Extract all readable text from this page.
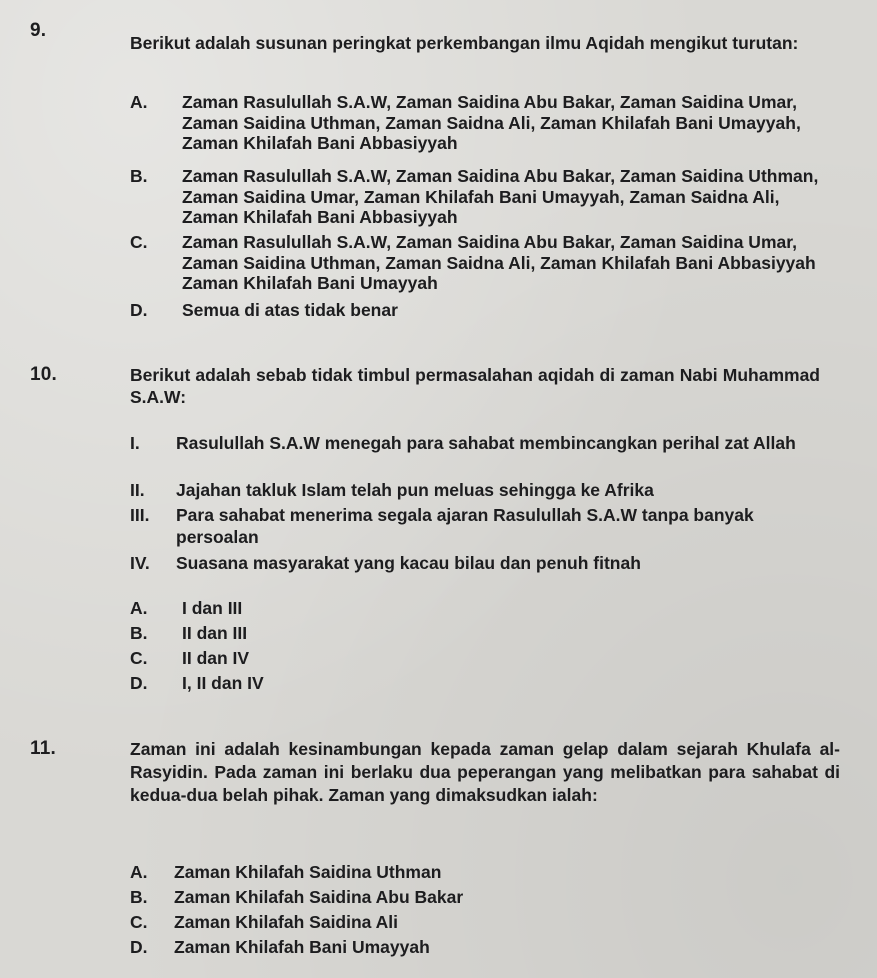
9.
Berikut adalah susunan peringkat perkembangan ilmu Aqidah mengikut turutan:
A. Zaman Rasulullah S.A.W, Zaman Saidina Abu Bakar, Zaman Saidina Umar, Zaman Saidina Uthman, Zaman Saidna Ali, Zaman Khilafah Bani Umayyah, Zaman Khilafah Bani Abbasiyyah
B. Zaman Rasulullah S.A.W, Zaman Saidina Abu Bakar, Zaman Saidina Uthman, Zaman Saidina Umar, Zaman Khilafah Bani Umayyah, Zaman Saidna Ali, Zaman Khilafah Bani Abbasiyyah
C. Zaman Rasulullah S.A.W, Zaman Saidina Abu Bakar, Zaman Saidina Umar, Zaman Saidina Uthman, Zaman Saidna Ali, Zaman Khilafah Bani Abbasiyyah Zaman Khilafah Bani Umayyah
D. Semua di atas tidak benar
10.	Berikut adalah sebab tidak timbul permasalahan aqidah di zaman Nabi Muhammad S.A.W:
I. Rasulullah S.A.W menegah para sahabat membincangkan perihal zat Allah
II. Jajahan takluk Islam telah pun meluas sehingga ke Afrika
III. Para sahabat menerima segala ajaran Rasulullah S.A.W tanpa banyak persoalan
IV. Suasana masyarakat yang kacau bilau dan penuh fitnah
A. I dan III
B. II dan III
C. II dan IV
D. I, II dan IV
11.	Zaman ini adalah kesinambungan kepada zaman gelap dalam sejarah Khulafa al-Rasyidin. Pada zaman ini berlaku dua peperangan yang melibatkan para sahabat di kedua-dua belah pihak. Zaman yang dimaksudkan ialah:
A. Zaman Khilafah Saidina Uthman
B. Zaman Khilafah Saidina Abu Bakar
C. Zaman Khilafah Saidina Ali
D. Zaman Khilafah Bani Umayyah
